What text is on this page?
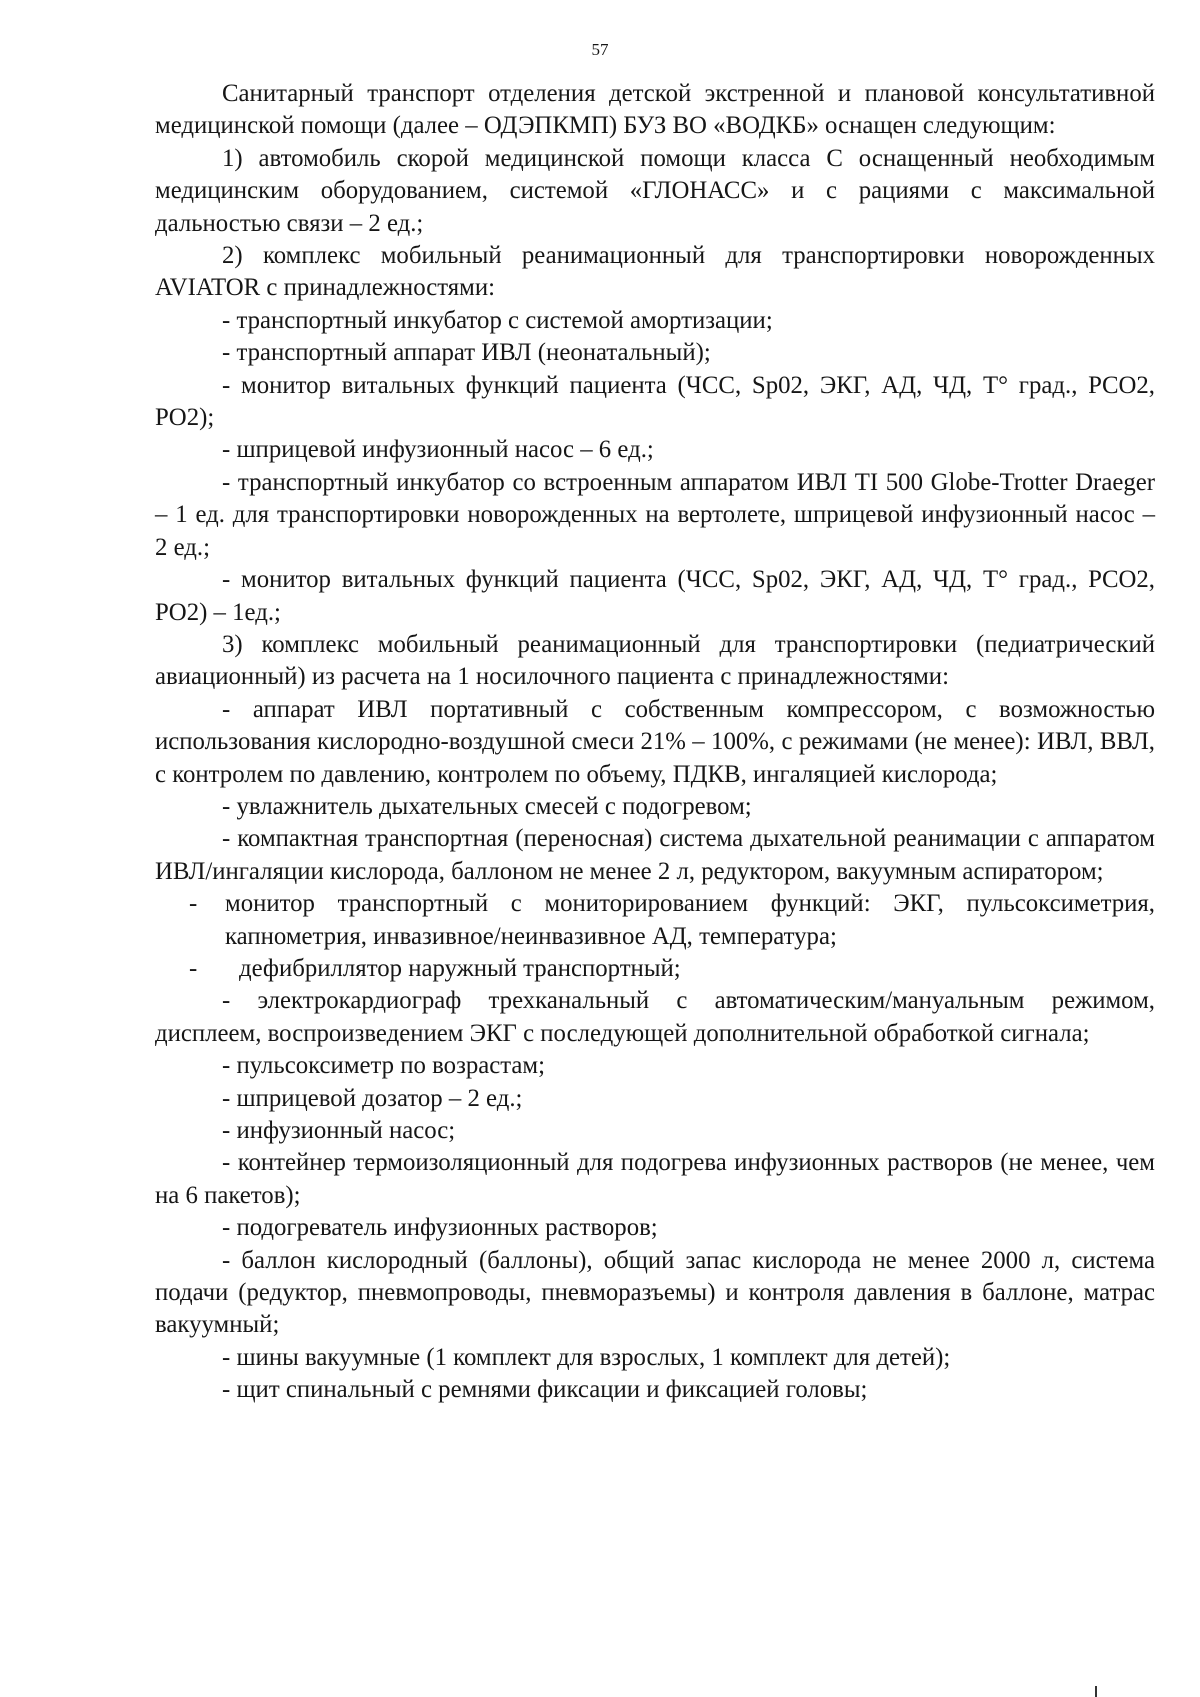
57

Санитарный транспорт отделения детской экстренной и плановой консультативной медицинской помощи (далее – ОДЭПКМП) БУЗ ВО «ВОДКБ» оснащен следующим:

1) автомобиль скорой медицинской помощи класса С оснащенный необходимым медицинским оборудованием, системой «ГЛОНАСС» и с рациями с максимальной дальностью связи – 2 ед.;

2) комплекс мобильный реанимационный для транспортировки новорожденных AVIATOR с принадлежностями:

- транспортный инкубатор с системой амортизации;

- транспортный аппарат ИВЛ (неонатальный);

- монитор витальных функций пациента (ЧСС, Sp02, ЭКГ, АД, ЧД, Т° град., PCO2, PO2);

- шприцевой инфузионный насос – 6 ед.;

- транспортный инкубатор со встроенным аппаратом ИВЛ TI 500 Globe-Trotter Draeger – 1 ед. для транспортировки новорожденных на вертолете, шприцевой инфузионный насос – 2 ед.;

- монитор витальных функций пациента (ЧСС, Sp02, ЭКГ, АД, ЧД, Т° град., PCO2, PO2) – 1ед.;

3) комплекс мобильный реанимационный для транспортировки (педиатрический авиационный) из расчета на 1 носилочного пациента с принадлежностями:

- аппарат ИВЛ портативный с собственным компрессором, с возможностью использования кислородно-воздушной смеси 21% – 100%, с режимами (не менее): ИВЛ, ВВЛ, с контролем по давлению, контролем по объему, ПДКВ, ингаляцией кислорода;

- увлажнитель дыхательных смесей с подогревом;

- компактная транспортная (переносная) система дыхательной реанимации с аппаратом ИВЛ/ингаляции кислорода, баллоном не менее 2 л, редуктором, вакуумным аспиратором;

- монитор транспортный с мониторированием функций: ЭКГ, пульсоксиметрия, капнометрия, инвазивное/неинвазивное АД, температура;
- дефибриллятор наружный транспортный;

- электрокардиограф трехканальный с автоматическим/мануальным режимом, дисплеем, воспроизведением ЭКГ с последующей дополнительной обработкой сигнала;

- пульсоксиметр по возрастам;

- шприцевой дозатор – 2 ед.;

- инфузионный насос;

- контейнер термоизоляционный для подогрева инфузионных растворов (не менее, чем на 6 пакетов);

- подогреватель инфузионных растворов;

- баллон кислородный (баллоны), общий запас кислорода не менее 2000 л, система подачи (редуктор, пневмопроводы, пневморазъемы) и контроля давления в баллоне, матрас вакуумный;

- шины вакуумные (1 комплект для взрослых, 1 комплект для детей);

- щит спинальный с ремнями фиксации и фиксацией головы;
